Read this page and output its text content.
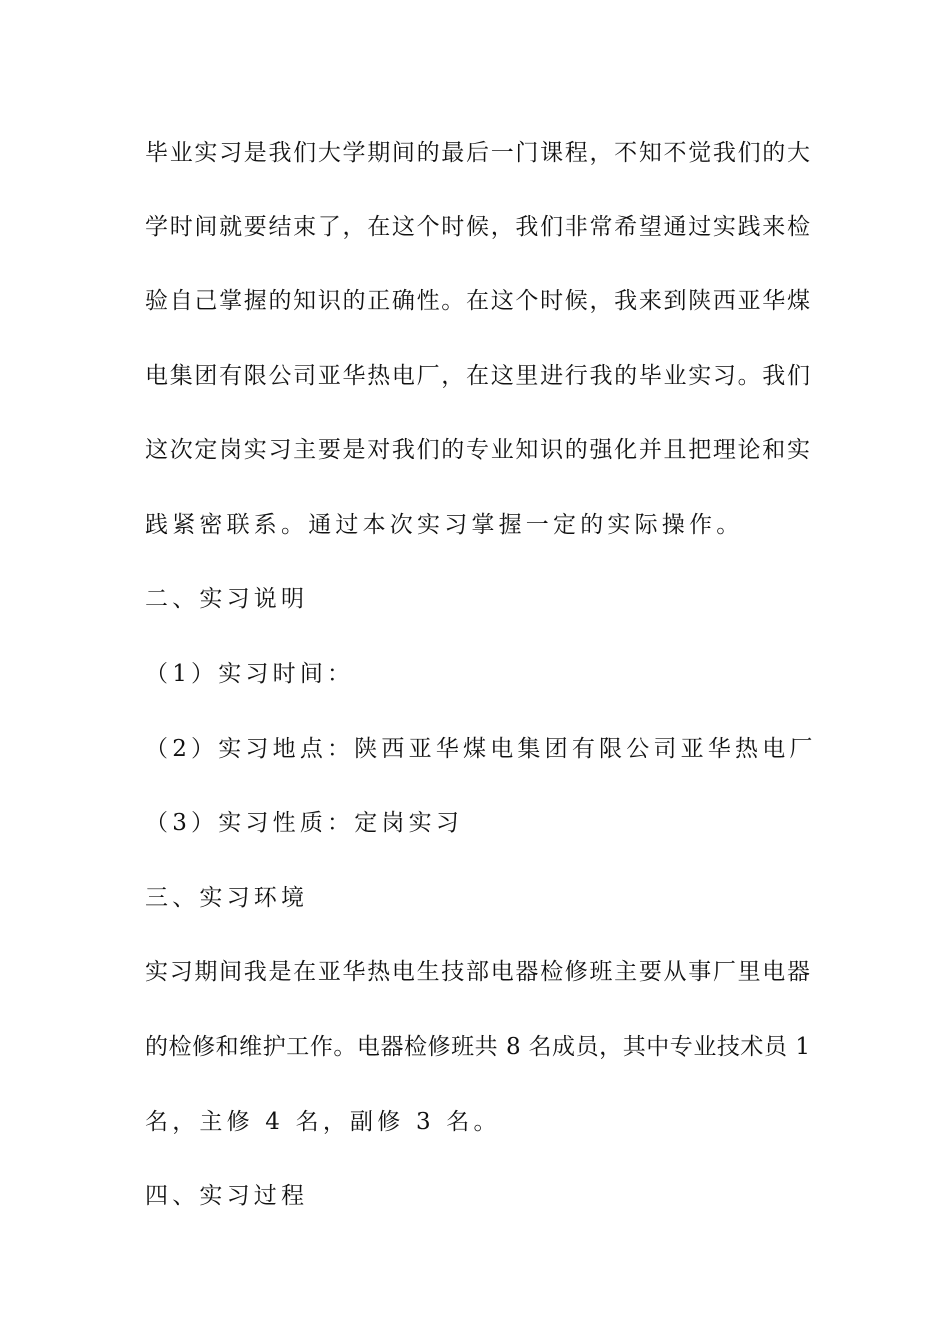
毕业实习是我们大学期间的最后一门课程，不知不觉我们的大
学时间就要结束了，在这个时候，我们非常希望通过实践来检
验自己掌握的知识的正确性。在这个时候，我来到陕西亚华煤
电集团有限公司亚华热电厂，在这里进行我的毕业实习。我们
这次定岗实习主要是对我们的专业知识的强化并且把理论和实
践紧密联系。通过本次实习掌握一定的实际操作。
二、实习说明
（1）实习时间：
（2）实习地点：陕西亚华煤电集团有限公司亚华热电厂
（3）实习性质：定岗实习
三、实习环境
实习期间我是在亚华热电生技部电器检修班主要从事厂里电器
的检修和维护工作。电器检修班共 8 名成员，其中专业技术员 1
名，主修 4 名，副修 3 名。
四、实习过程
